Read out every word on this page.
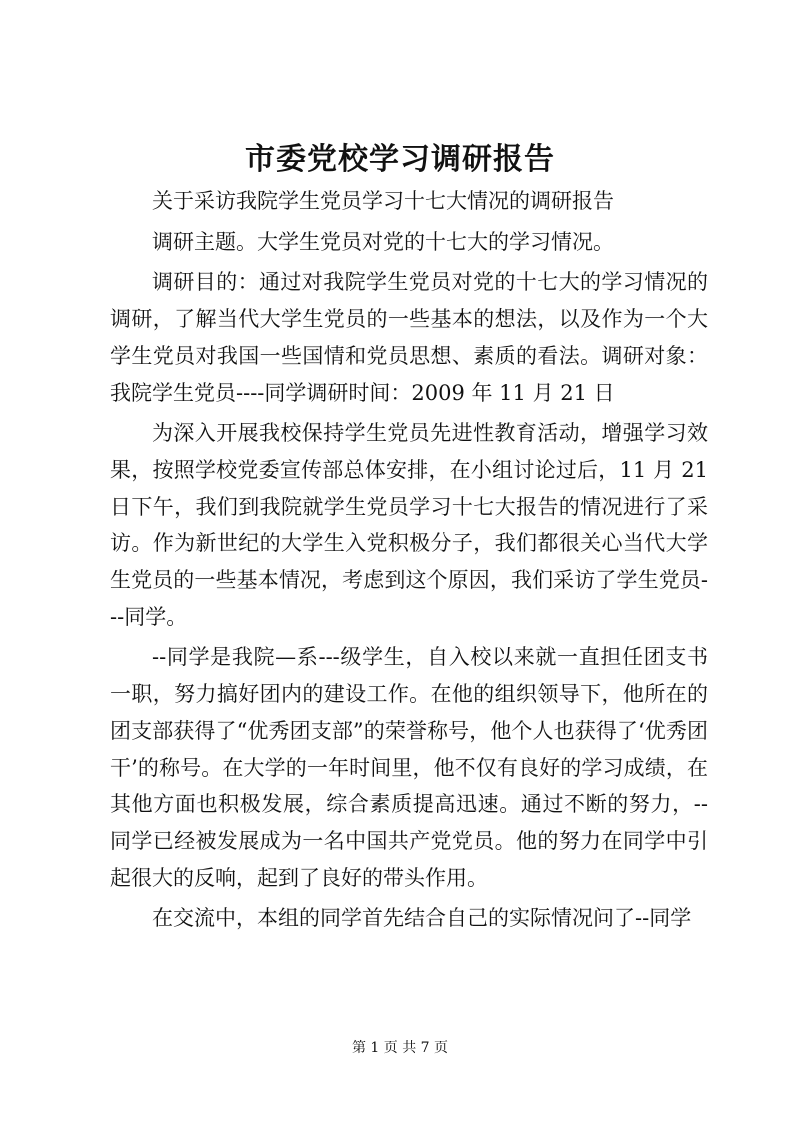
市委党校学习调研报告

关于采访我院学生党员学习十七大情况的调研报告

调研主题。大学生党员对党的十七大的学习情况。

调研目的：通过对我院学生党员对党的十七大的学习情况的调研，了解当代大学生党员的一些基本的想法，以及作为一个大学生党员对我国一些国情和党员思想、素质的看法。调研对象：我院学生党员----同学调研时间：2009 年 11 月 21 日

为深入开展我校保持学生党员先进性教育活动，增强学习效果，按照学校党委宣传部总体安排，在小组讨论过后，11 月 21 日下午，我们到我院就学生党员学习十七大报告的情况进行了采访。作为新世纪的大学生入党积极分子，我们都很关心当代大学生党员的一些基本情况，考虑到这个原因，我们采访了学生党员---同学。

--同学是我院—系---级学生，自入校以来就一直担任团支书一职，努力搞好团内的建设工作。在他的组织领导下，他所在的团支部获得了“优秀团支部”的荣誉称号，他个人也获得了‘优秀团干’的称号。在大学的一年时间里，他不仅有良好的学习成绩，在其他方面也积极发展，综合素质提高迅速。通过不断的努力，--同学已经被发展成为一名中国共产党党员。他的努力在同学中引起很大的反响，起到了良好的带头作用。

在交流中，本组的同学首先结合自己的实际情况问了--同学

第 1 页 共 7 页
